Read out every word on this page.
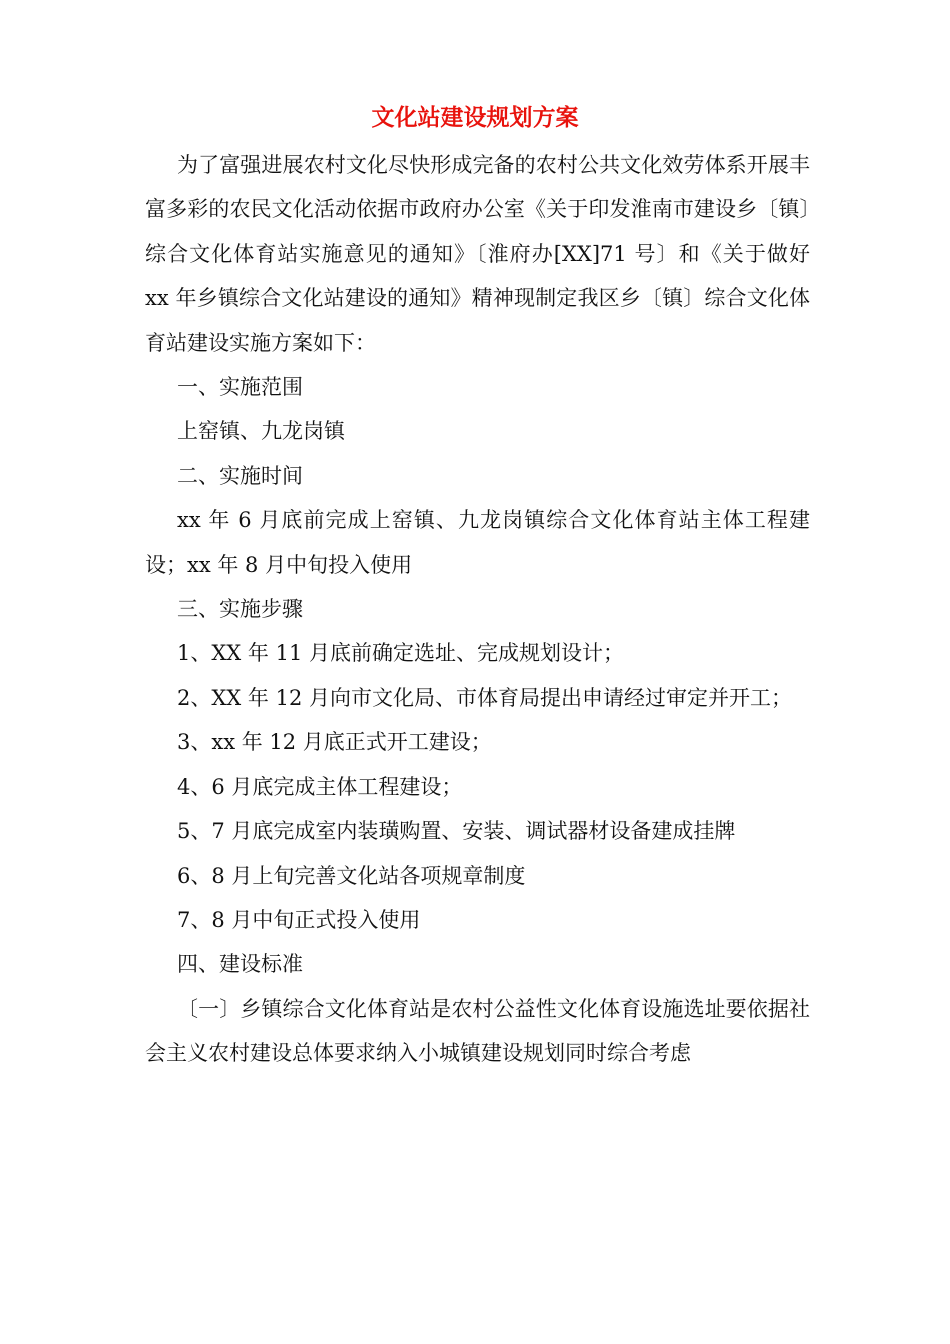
文化站建设规划方案

为了富强进展农村文化尽快形成完备的农村公共文化效劳体系开展丰富多彩的农民文化活动依据市政府办公室《关于印发淮南市建设乡〔镇〕综合文化体育站实施意见的通知》〔淮府办[XX]71 号〕和《关于做好 xx 年乡镇综合文化站建设的通知》精神现制定我区乡〔镇〕综合文化体育站建设实施方案如下：

一、实施范围

上窑镇、九龙岗镇

二、实施时间

xx 年 6 月底前完成上窑镇、九龙岗镇综合文化体育站主体工程建设；xx 年 8 月中旬投入使用

三、实施步骤

1、XX 年 11 月底前确定选址、完成规划设计；

2、XX 年 12 月向市文化局、市体育局提出申请经过审定并开工；

3、xx 年 12 月底正式开工建设；

4、6 月底完成主体工程建设；

5、7 月底完成室内装璜购置、安装、调试器材设备建成挂牌

6、8 月上旬完善文化站各项规章制度

7、8 月中旬正式投入使用

四、建设标准

〔一〕乡镇综合文化体育站是农村公益性文化体育设施选址要依据社会主义农村建设总体要求纳入小城镇建设规划同时综合考虑
